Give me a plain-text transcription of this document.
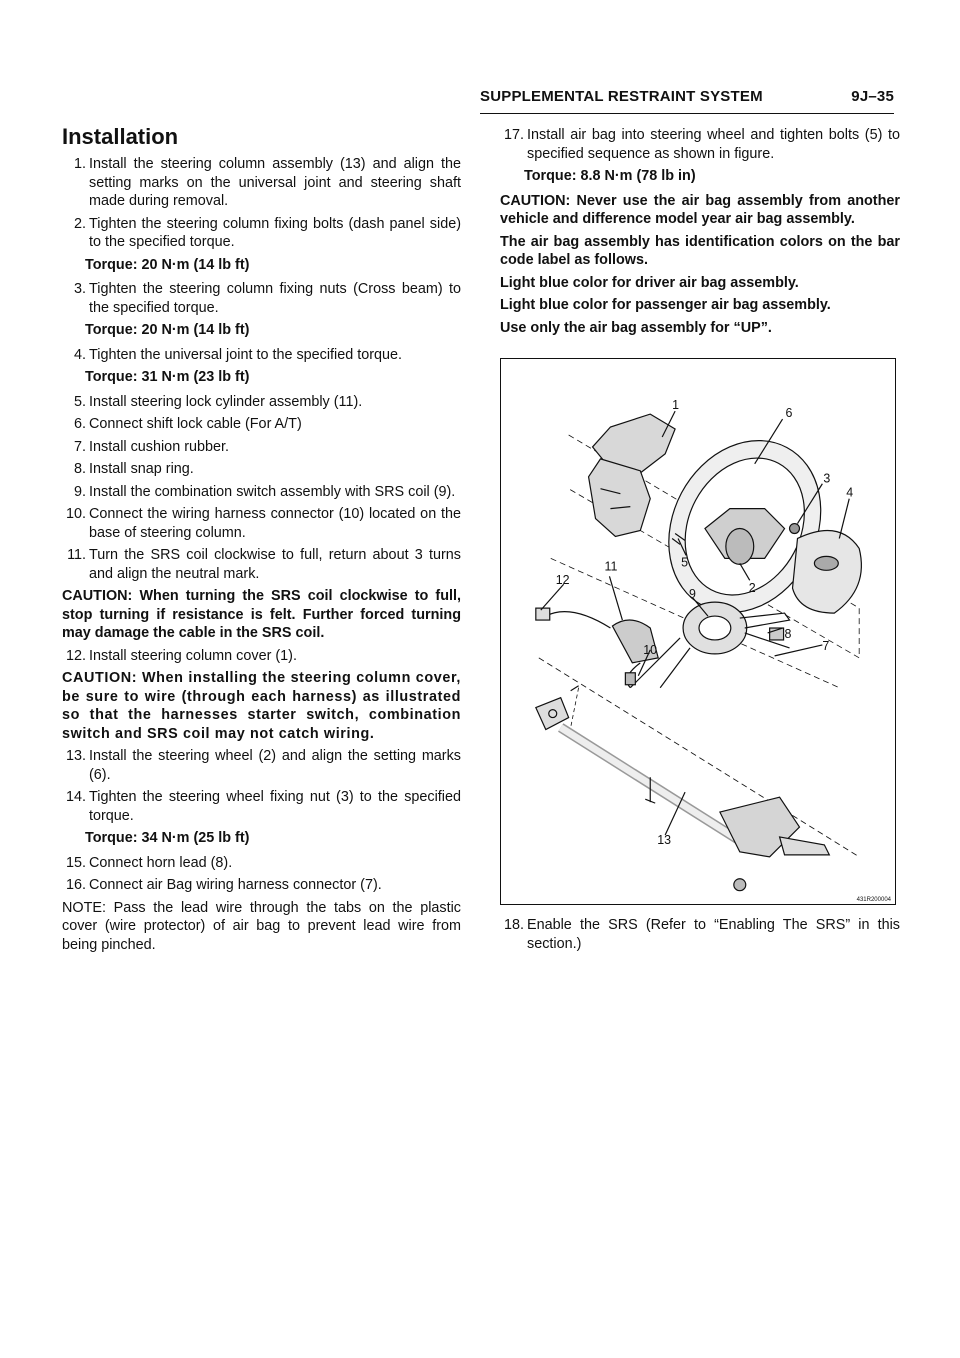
SUPPLEMENTAL RESTRAINT SYSTEM	9J–35
Installation
1. Install the steering column assembly (13) and align the setting marks on the universal joint and steering shaft made during removal.
2. Tighten the steering column fixing bolts (dash panel side) to the specified torque.
Torque: 20 N·m (14 lb ft)
3. Tighten the steering column fixing nuts (Cross beam) to the specified torque.
Torque: 20 N·m (14 lb ft)
4. Tighten the universal joint to the specified torque.
Torque: 31 N·m (23 lb ft)
5. Install steering lock cylinder assembly (11).
6. Connect shift lock cable (For A/T)
7. Install cushion rubber.
8. Install snap ring.
9. Install the combination switch assembly with SRS coil (9).
10. Connect the wiring harness connector (10) located on the base of steering column.
11. Turn the SRS coil clockwise to full, return about 3 turns and align the neutral mark.
CAUTION: When turning the SRS coil clockwise to full, stop turning if resistance is felt. Further forced turning may damage the cable in the SRS coil.
12. Install steering column cover (1).
CAUTION: When installing the steering column cover, be sure to wire (through each harness) as illustrated so that the harnesses starter switch, combination switch and SRS coil may not catch wiring.
13. Install the steering wheel (2) and align the setting marks (6).
14. Tighten the steering wheel fixing nut (3) to the specified torque.
Torque: 34 N·m (25 lb ft)
15. Connect horn lead (8).
16. Connect air Bag wiring harness connector (7).
NOTE: Pass the lead wire through the tabs on the plastic cover (wire protector) of air bag to prevent lead wire from being pinched.
17. Install air bag into steering wheel and tighten bolts (5) to specified sequence as shown in figure.
Torque: 8.8 N·m (78 lb in)

CAUTION: Never use the air bag assembly from another vehicle and difference model year air bag assembly.

The air bag assembly has identification colors on the bar code label as follows.

Light blue color for driver air bag assembly.

Light blue color for passenger air bag assembly.

Use only the air bag assembly for “UP”.

1
6
3
4
5
2
11
12
9
8
7
10
13
431R200004
18. Enable the SRS (Refer to “Enabling The SRS” in this section.)
